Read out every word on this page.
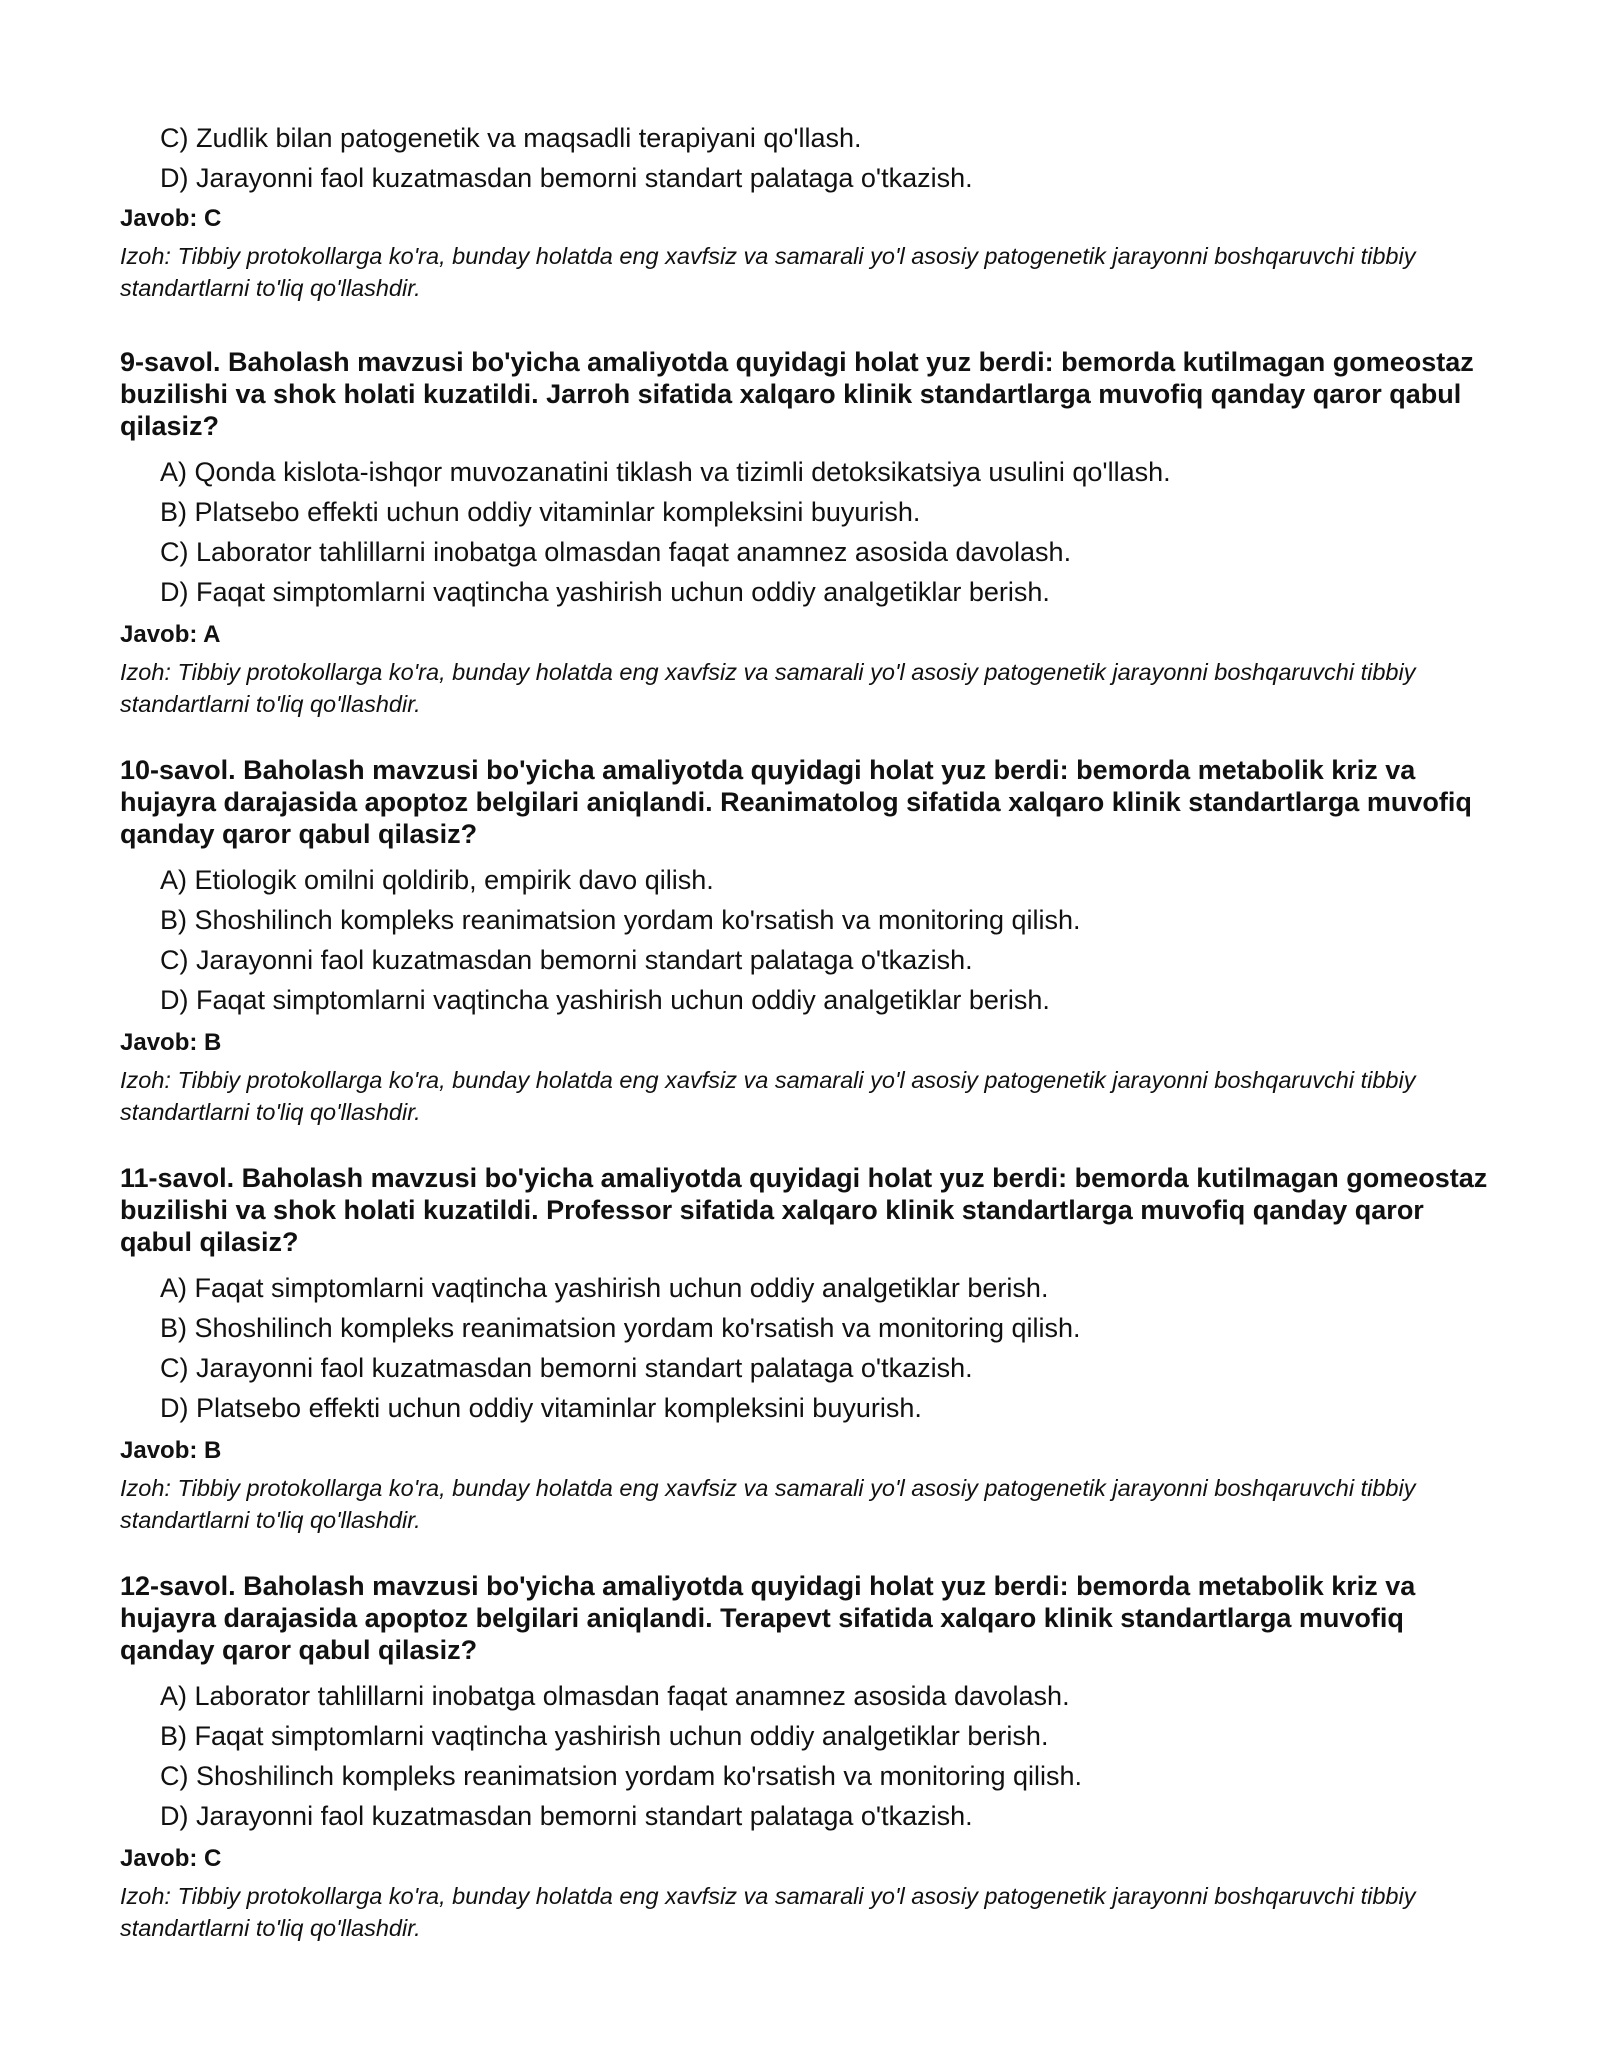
C) Zudlik bilan patogenetik va maqsadli terapiyani qo'llash.
D) Jarayonni faol kuzatmasdan bemorni standart palataga o'tkazish.
Javob: C
Izoh: Tibbiy protokollarga ko'ra, bunday holatda eng xavfsiz va samarali yo'l asosiy patogenetik jarayonni boshqaruvchi tibbiy standartlarni to'liq qo'llashdir.

9-savol. Baholash mavzusi bo'yicha amaliyotda quyidagi holat yuz berdi: bemorda kutilmagan gomeostaz buzilishi va shok holati kuzatildi. Jarroh sifatida xalqaro klinik standartlarga muvofiq qanday qaror qabul qilasiz?

A) Qonda kislota-ishqor muvozanatini tiklash va tizimli detoksikatsiya usulini qo'llash.
B) Platsebo effekti uchun oddiy vitaminlar kompleksini buyurish.
C) Laborator tahlillarni inobatga olmasdan faqat anamnez asosida davolash.
D) Faqat simptomlarni vaqtincha yashirish uchun oddiy analgetiklar berish.
Javob: A
Izoh: Tibbiy protokollarga ko'ra, bunday holatda eng xavfsiz va samarali yo'l asosiy patogenetik jarayonni boshqaruvchi tibbiy standartlarni to'liq qo'llashdir.

10-savol. Baholash mavzusi bo'yicha amaliyotda quyidagi holat yuz berdi: bemorda metabolik kriz va hujayra darajasida apoptoz belgilari aniqlandi. Reanimatolog sifatida xalqaro klinik standartlarga muvofiq qanday qaror qabul qilasiz?

A) Etiologik omilni qoldirib, empirik davo qilish.
B) Shoshilinch kompleks reanimatsion yordam ko'rsatish va monitoring qilish.
C) Jarayonni faol kuzatmasdan bemorni standart palataga o'tkazish.
D) Faqat simptomlarni vaqtincha yashirish uchun oddiy analgetiklar berish.
Javob: B
Izoh: Tibbiy protokollarga ko'ra, bunday holatda eng xavfsiz va samarali yo'l asosiy patogenetik jarayonni boshqaruvchi tibbiy standartlarni to'liq qo'llashdir.

11-savol. Baholash mavzusi bo'yicha amaliyotda quyidagi holat yuz berdi: bemorda kutilmagan gomeostaz buzilishi va shok holati kuzatildi. Professor sifatida xalqaro klinik standartlarga muvofiq qanday qaror qabul qilasiz?

A) Faqat simptomlarni vaqtincha yashirish uchun oddiy analgetiklar berish.
B) Shoshilinch kompleks reanimatsion yordam ko'rsatish va monitoring qilish.
C) Jarayonni faol kuzatmasdan bemorni standart palataga o'tkazish.
D) Platsebo effekti uchun oddiy vitaminlar kompleksini buyurish.
Javob: B
Izoh: Tibbiy protokollarga ko'ra, bunday holatda eng xavfsiz va samarali yo'l asosiy patogenetik jarayonni boshqaruvchi tibbiy standartlarni to'liq qo'llashdir.

12-savol. Baholash mavzusi bo'yicha amaliyotda quyidagi holat yuz berdi: bemorda metabolik kriz va hujayra darajasida apoptoz belgilari aniqlandi. Terapevt sifatida xalqaro klinik standartlarga muvofiq qanday qaror qabul qilasiz?

A) Laborator tahlillarni inobatga olmasdan faqat anamnez asosida davolash.
B) Faqat simptomlarni vaqtincha yashirish uchun oddiy analgetiklar berish.
C) Shoshilinch kompleks reanimatsion yordam ko'rsatish va monitoring qilish.
D) Jarayonni faol kuzatmasdan bemorni standart palataga o'tkazish.
Javob: C
Izoh: Tibbiy protokollarga ko'ra, bunday holatda eng xavfsiz va samarali yo'l asosiy patogenetik jarayonni boshqaruvchi tibbiy standartlarni to'liq qo'llashdir.
